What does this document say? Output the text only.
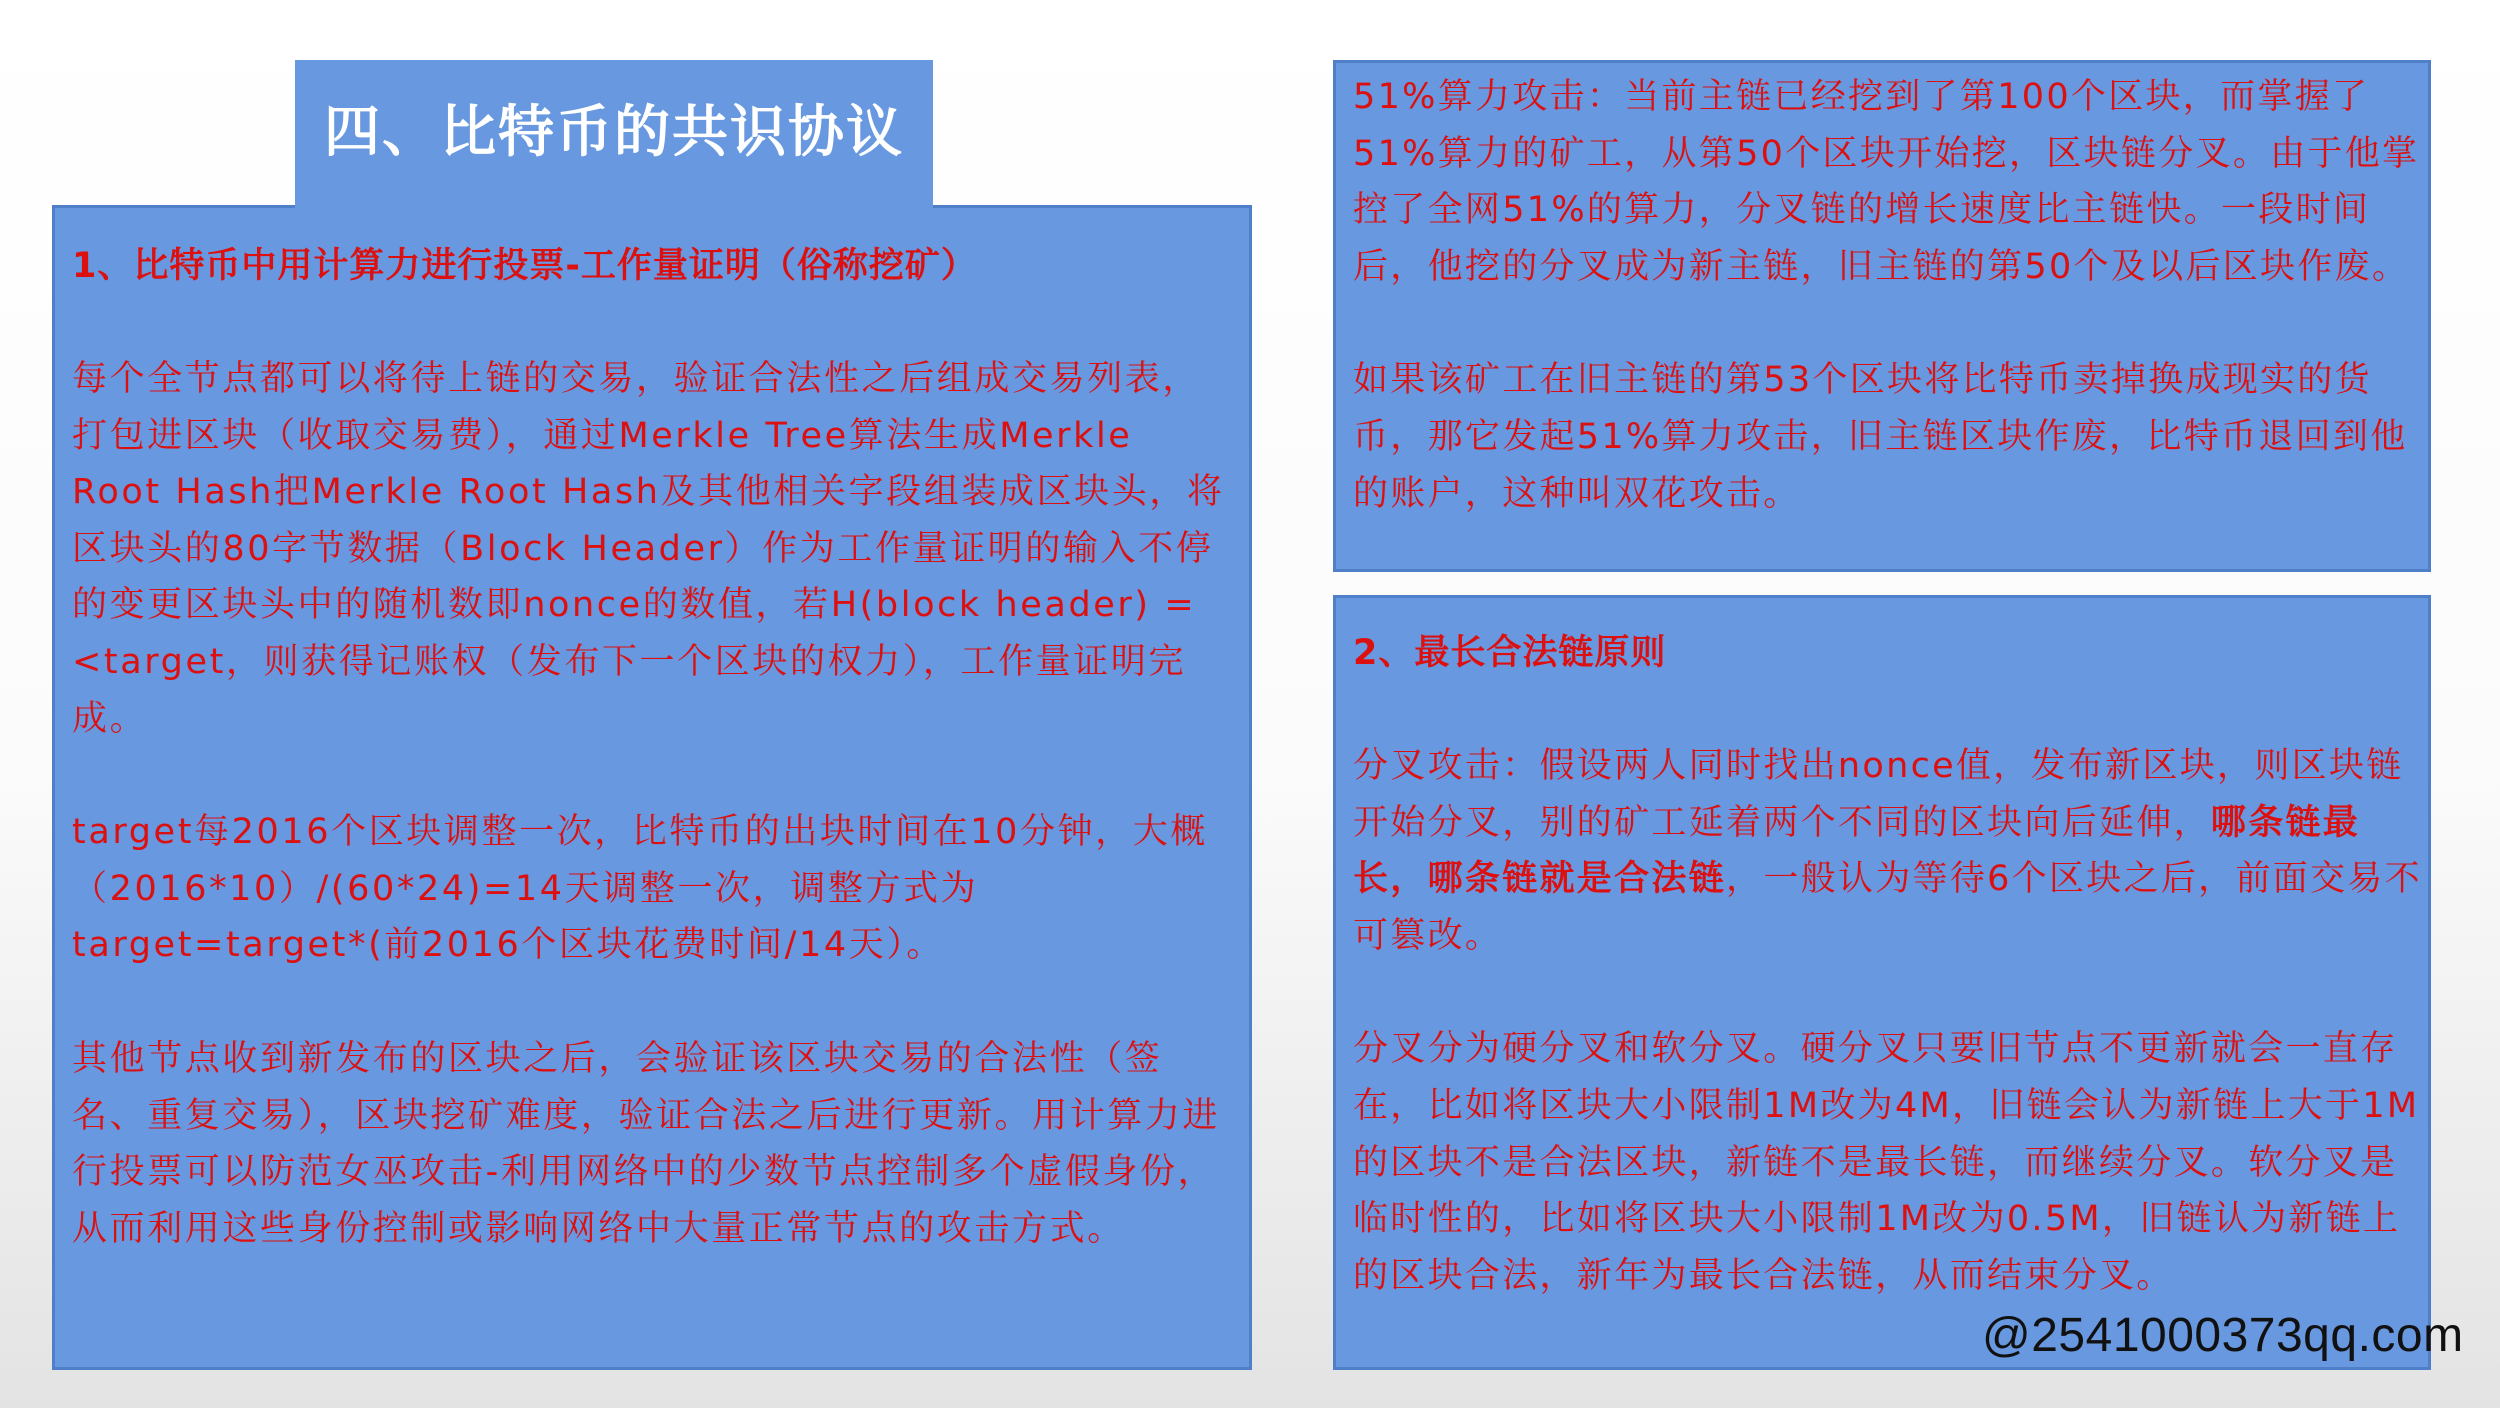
四、比特币的共识协议
1、比特币中用计算力进行投票-工作量证明（俗称挖矿）

每个全节点都可以将待上链的交易，验证合法性之后组成交易列表，打包进区块（收取交易费），通过Merkle Tree算法生成Merkle Root Hash把Merkle Root Hash及其他相关字段组装成区块头，将区块头的80字节数据（Block Header）作为工作量证明的输入不停的变更区块头中的随机数即nonce的数值，若H(block header) =<target，则获得记账权（发布下一个区块的权力），工作量证明完成。

target每2016个区块调整一次，比特币的出块时间在10分钟，大概（2016*10）/(60*24)=14天调整一次，调整方式为target=target*(前2016个区块花费时间/14天）。

其他节点收到新发布的区块之后，会验证该区块交易的合法性（签名、重复交易），区块挖矿难度，验证合法之后进行更新。用计算力进行投票可以防范女巫攻击-利用网络中的少数节点控制多个虚假身份，从而利用这些身份控制或影响网络中大量正常节点的攻击方式。

51%算力攻击：当前主链已经挖到了第100个区块，而掌握了51%算力的矿工，从第50个区块开始挖，区块链分叉。由于他掌控了全网51%的算力，分叉链的增长速度比主链快。一段时间后，他挖的分叉成为新主链，旧主链的第50个及以后区块作废。

如果该矿工在旧主链的第53个区块将比特币卖掉换成现实的货币，那它发起51%算力攻击，旧主链区块作废，比特币退回到他的账户，这种叫双花攻击。

2、最长合法链原则

分叉攻击：假设两人同时找出nonce值，发布新区块，则区块链开始分叉，别的矿工延着两个不同的区块向后延伸，哪条链最长，哪条链就是合法链，一般认为等待6个区块之后，前面交易不可篡改。

分叉分为硬分叉和软分叉。硬分叉只要旧节点不更新就会一直存在，比如将区块大小限制1M改为4M，旧链会认为新链上大于1M的区块不是合法区块，新链不是最长链，而继续分叉。软分叉是临时性的，比如将区块大小限制1M改为0.5M，旧链认为新链上的区块合法，新年为最长合法链，从而结束分叉。

@2541000373qq.com
